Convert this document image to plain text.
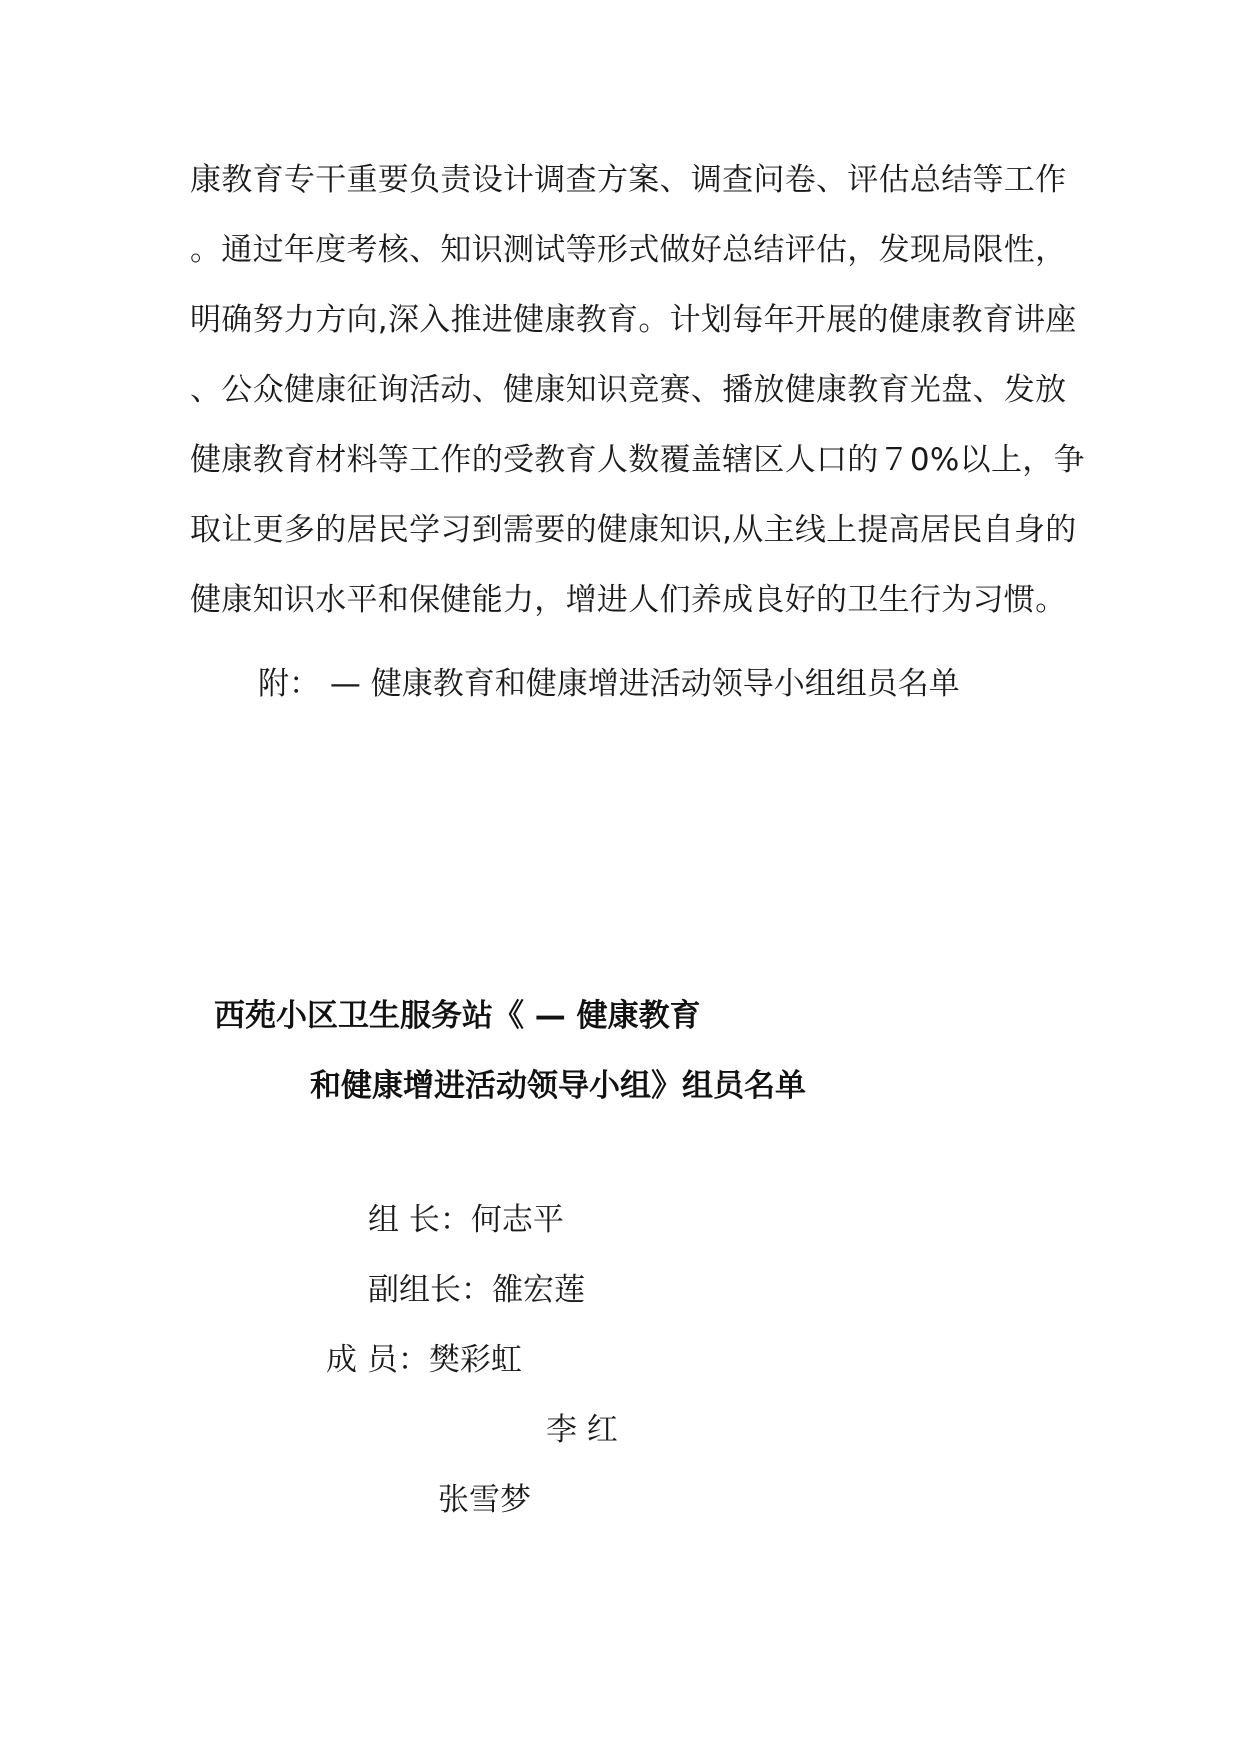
康教育专干重要负责设计调查方案、调查问卷、评估总结等工作
。通过年度考核、知识测试等形式做好总结评估，发现局限性，
明确努力方向,深入推进健康教育。计划每年开展的健康教育讲座
、公众健康征询活动、健康知识竞赛、播放健康教育光盘、发放
健康教育材料等工作的受教育人数覆盖辖区人口的７0%以上，争
取让更多的居民学习到需要的健康知识,从主线上提高居民自身的
健康知识水平和保健能力，增进人们养成良好的卫生行为习惯。
附： — 健康教育和健康增进活动领导小组组员名单
西苑小区卫生服务站《 — 健康教育
和健康增进活动领导小组》组员名单
组 长：何志平
副组长：雒宏莲
成 员：樊彩虹
李 红
张雪梦
